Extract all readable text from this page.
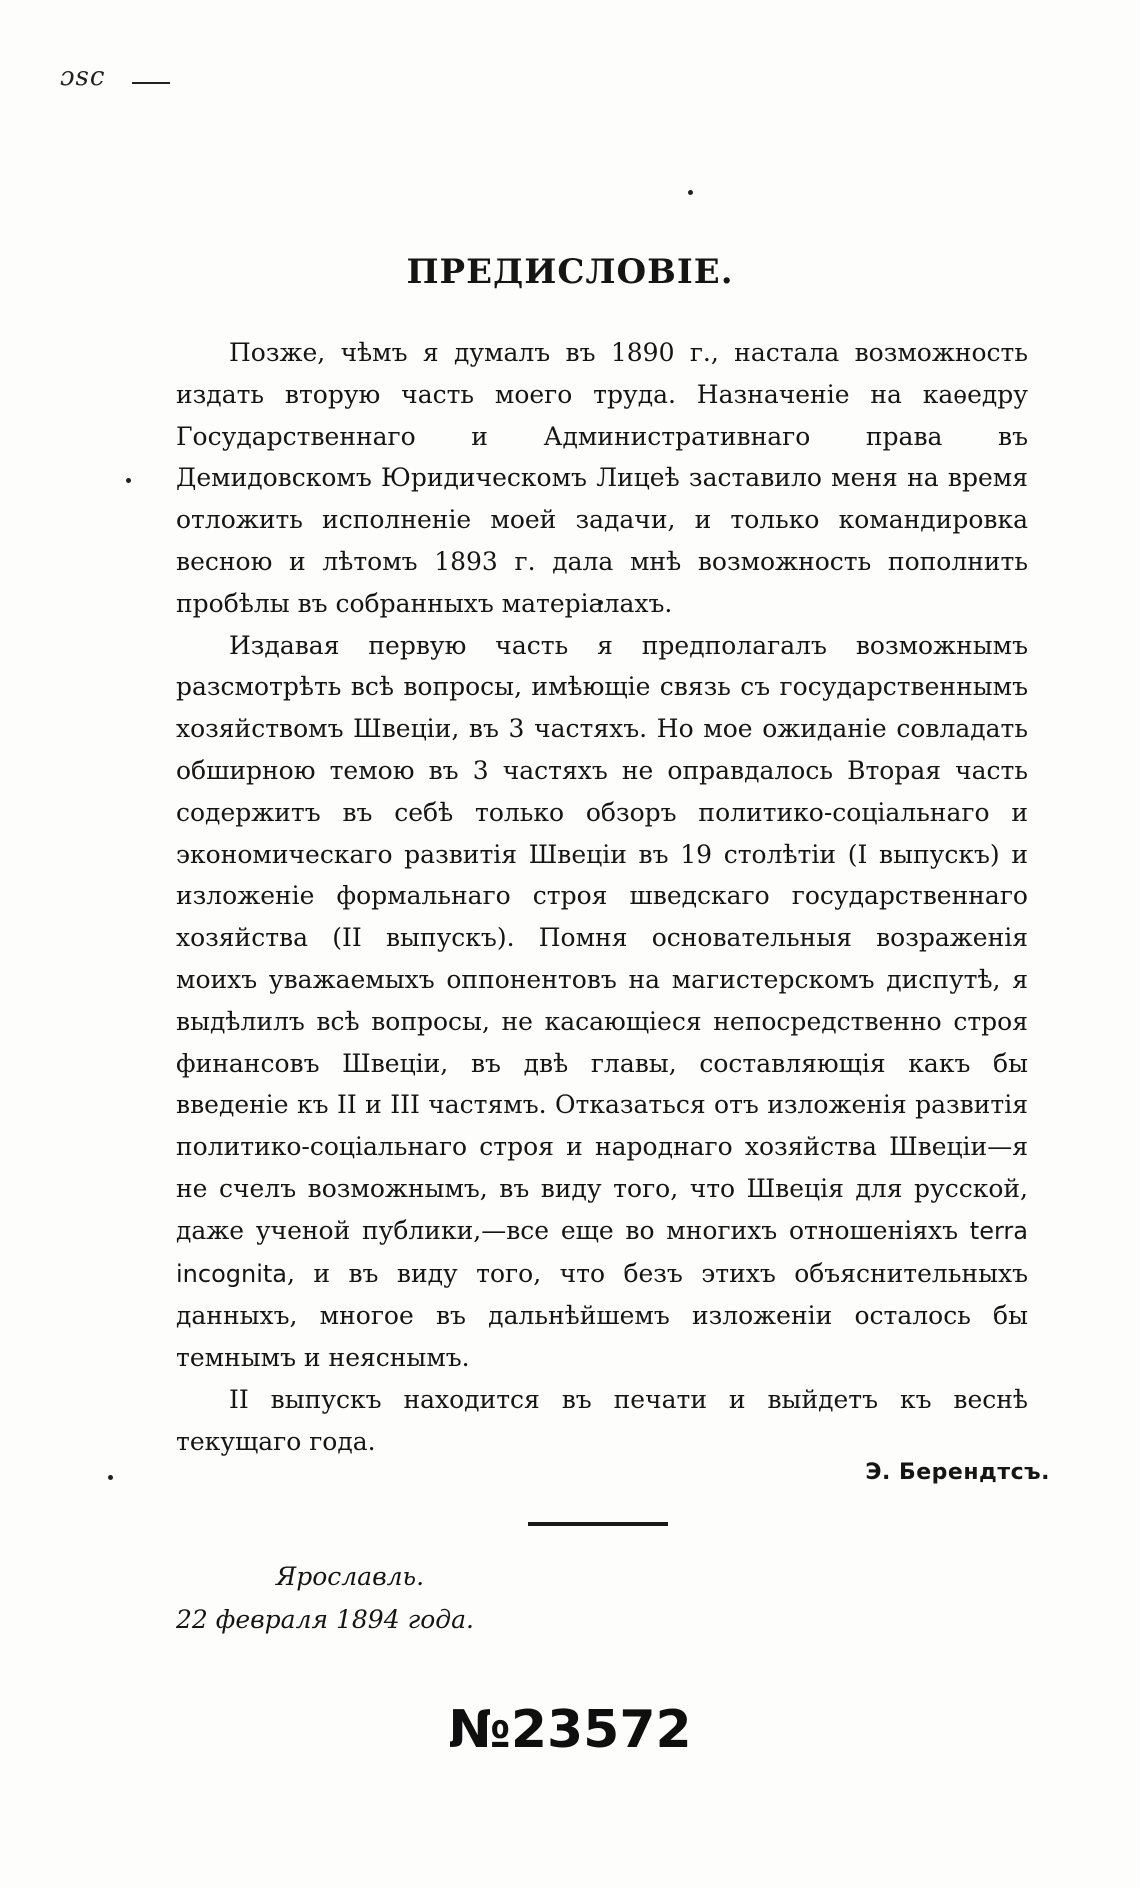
ɔsc
ПРЕДИСЛОВІЕ.

Позже, чѣмъ я думалъ въ 1890 г., настала возможность издать вторую часть моего труда. Назначеніе на каѳедру Государственнаго и Административнаго права въ Демидовскомъ Юридическомъ Лицеѣ заставило меня на время отложить исполненіе моей задачи, и только командировка весною и лѣтомъ 1893 г. дала мнѣ возможность пополнить пробѣлы въ собранныхъ матеріалахъ.

Издавая первую часть я предполагалъ возможнымъ разсмотрѣть всѣ вопросы, имѣющіе связь съ государственнымъ хозяйствомъ Швеціи, въ 3 частяхъ. Но мое ожиданіе совладать обширною темою въ 3 частяхъ не оправдалось Вторая часть содержитъ въ себѣ только обзоръ политико-соціальнаго и экономическаго развитія Швеціи въ 19 столѣтіи (I выпускъ) и изложеніе формальнаго строя шведскаго государственнаго хозяйства (II выпускъ). Помня основательныя возраженія моихъ уважаемыхъ оппонентовъ на магистерскомъ диспутѣ, я выдѣлилъ всѣ вопросы, не касающіеся непосредственно строя финансовъ Швеціи, въ двѣ главы, составляющія какъ бы введеніе къ II и III частямъ. Отказаться отъ изложенія развитія политико-соціальнаго строя и народнаго хозяйства Швеціи—я не счелъ возможнымъ, въ виду того, что Швеція для русской, даже ученой публики,—все еще во многихъ отношеніяхъ terra incognita, и въ виду того, что безъ этихъ объяснительныхъ данныхъ, многое въ дальнѣйшемъ изложеніи осталось бы темнымъ и неяснымъ.

II выпускъ находится въ печати и выйдетъ къ веснѣ текущаго года.

Э. Берендтсъ.
Ярославль.
22 февраля 1894 года.
№23572
